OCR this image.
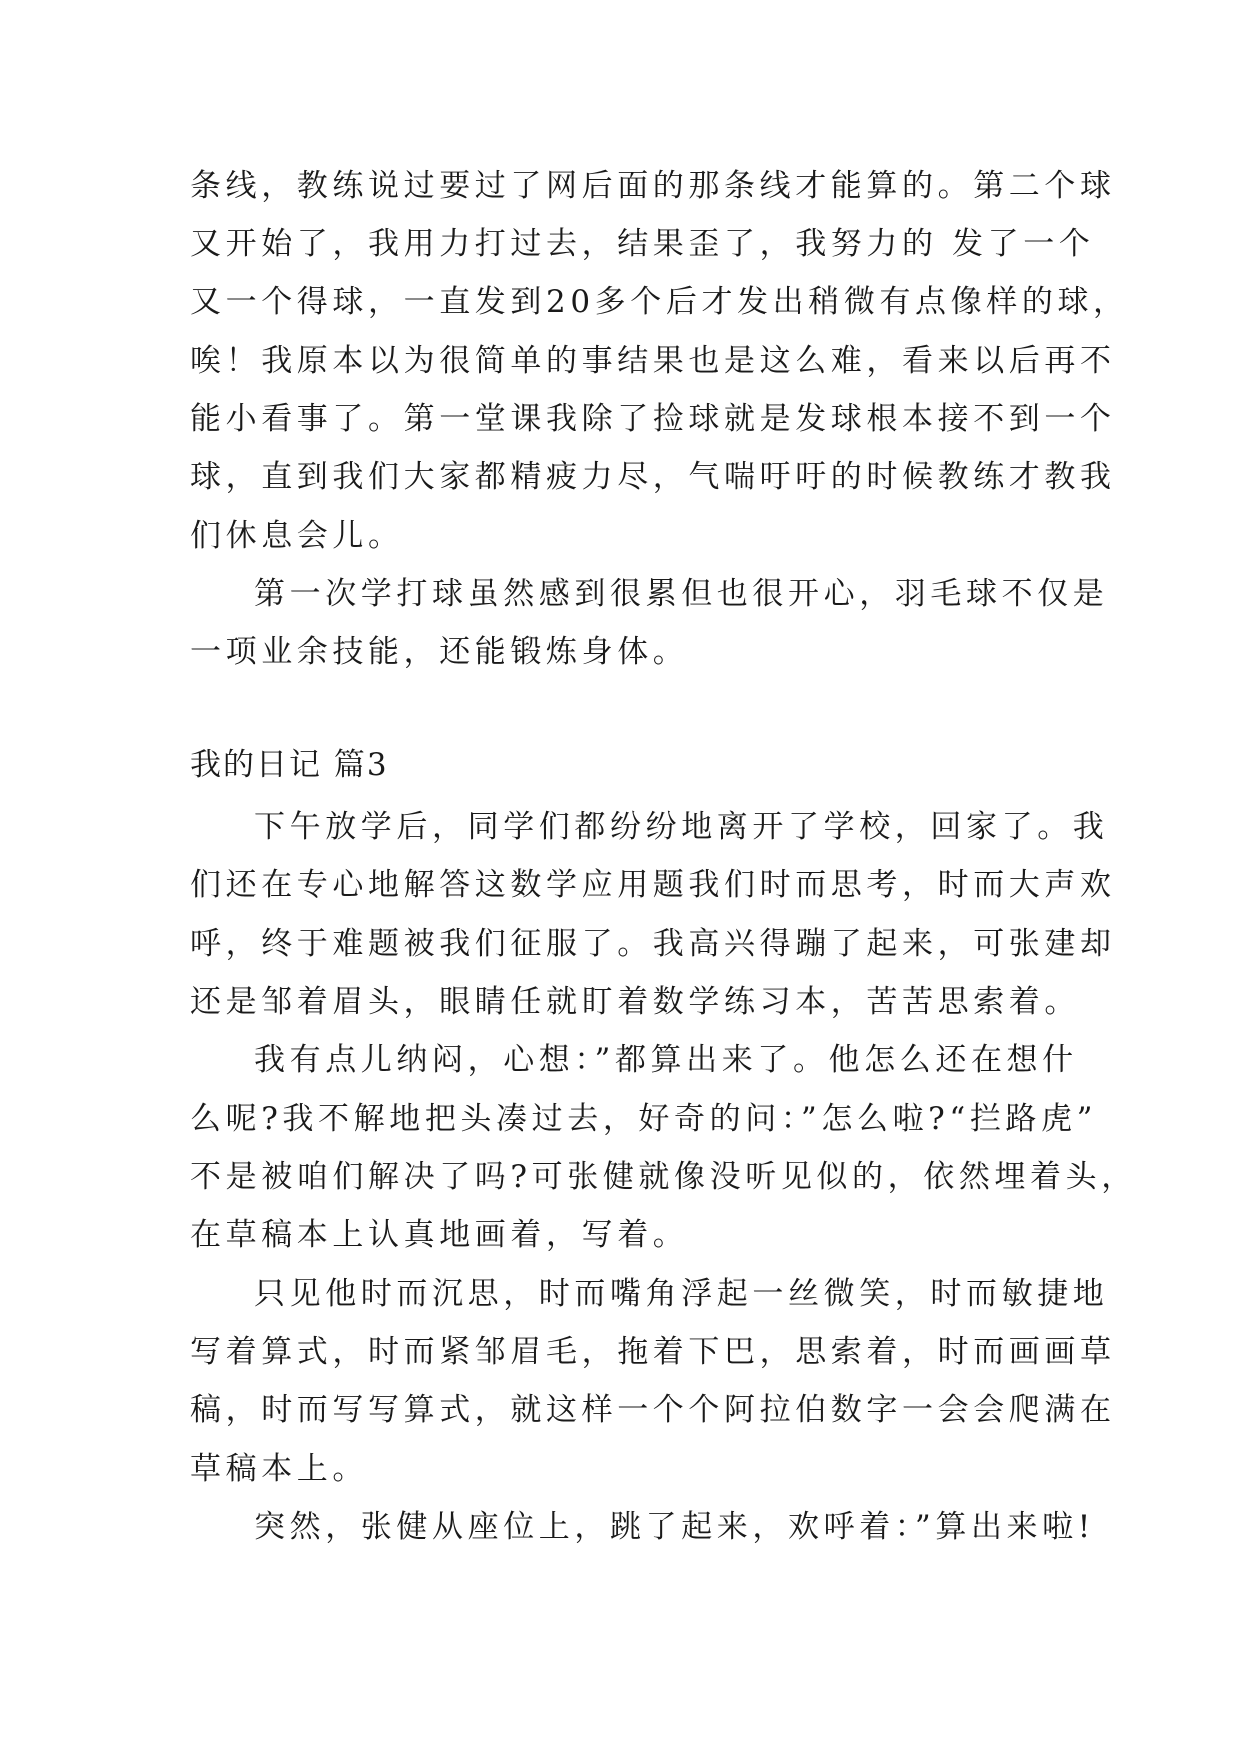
条线，教练说过要过了网后面的那条线才能算的。第二个球
又开始了，我用力打过去，结果歪了，我努力的 发了一个
又一个得球，一直发到20多个后才发出稍微有点像样的球，
唉！我原本以为很简单的事结果也是这么难，看来以后再不
能小看事了。第一堂课我除了捡球就是发球根本接不到一个
球，直到我们大家都精疲力尽，气喘吁吁的时候教练才教我
们休息会儿。
第一次学打球虽然感到很累但也很开心，羽毛球不仅是
一项业余技能，还能锻炼身体。
我的日记 篇3
下午放学后，同学们都纷纷地离开了学校，回家了。我
们还在专心地解答这数学应用题我们时而思考，时而大声欢
呼，终于难题被我们征服了。我高兴得蹦了起来，可张建却
还是邹着眉头，眼睛任就盯着数学练习本，苦苦思索着。
我有点儿纳闷，心想：”都算出来了。他怎么还在想什
么呢?我不解地把头凑过去，好奇的问：”怎么啦?“拦路虎”
不是被咱们解决了吗?可张健就像没听见似的，依然埋着头，
在草稿本上认真地画着，写着。
只见他时而沉思，时而嘴角浮起一丝微笑，时而敏捷地
写着算式，时而紧邹眉毛，拖着下巴，思索着，时而画画草
稿，时而写写算式，就这样一个个阿拉伯数字一会会爬满在
草稿本上。
突然，张健从座位上，跳了起来，欢呼着：”算出来啦!
